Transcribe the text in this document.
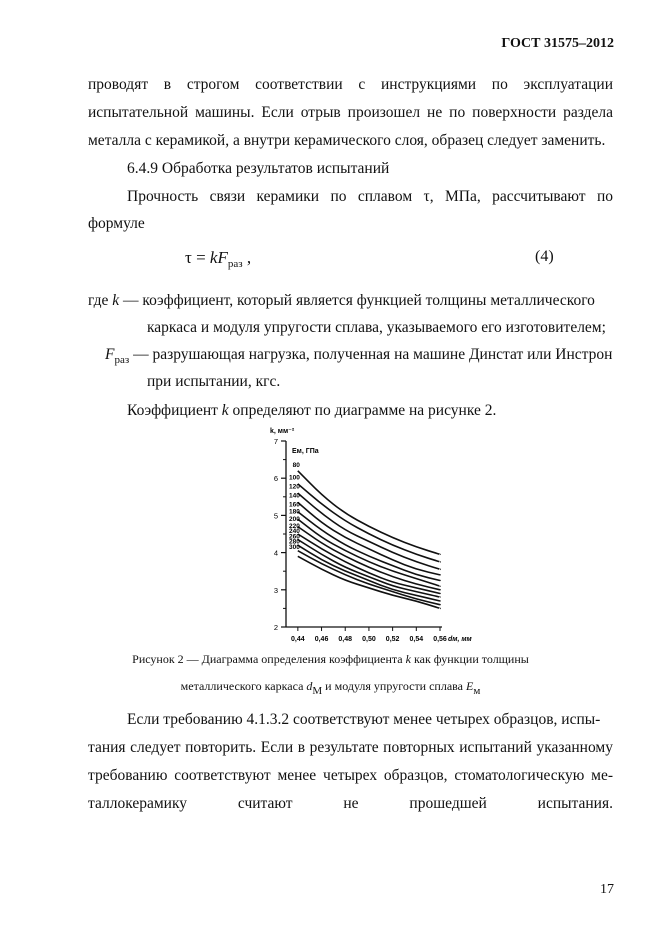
ГОСТ 31575–2012
проводят в строгом соответствии с инструкциями по эксплуатации
испытательной машины. Если отрыв произошел не по поверхности раздела
металла с керамикой, а внутри керамического слоя, образец следует заменить.
6.4.9 Обработка результатов испытаний
Прочность связи керамики по сплавом τ, МПа, рассчитывают по
формуле
$\tau = kF_{раз}$ ,	(4)
где k — коэффициент, который является функцией толщины металлического
каркаса и модуля упругости сплава, указываемого его изготовителем;
$F_{раз}$ — разрушающая нагрузка, полученная на машине Динстат или Инстрон
при испытании, кгс.
Коэффициент k определяют по диаграмме на рисунке 2.
2
3
4
5
6
7
0,44 0,46 0,48 0,50 0,52 0,54 0,56
80
100
120
140
160
180
200
220
240
260
280
300
k, мм⁻²
Eм, ГПа
dм, мм
Рисунок 2 — Диаграмма определения коэффициента k как функции толщины
металлического каркаса dМ и модуля упругости сплава Eм
Если требованию 4.1.3.2 соответствуют менее четырех образцов, испы-
тания следует повторить. Если в результате повторных испытаний указанному
требованию соответствуют менее четырех образцов, стоматологическую ме-
таллокерамику считают не прошедшей испытания.
17
